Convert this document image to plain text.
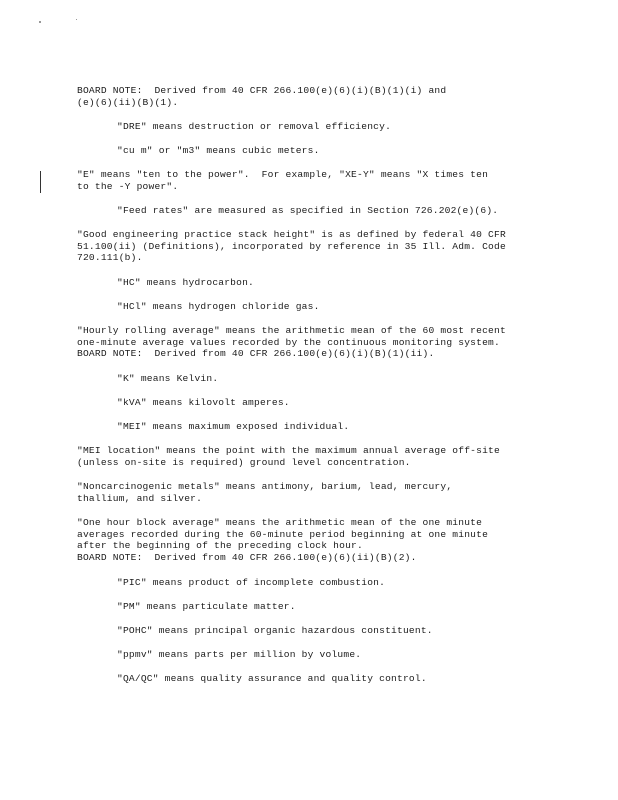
BOARD NOTE:  Derived from 40 CFR 266.100(e)(6)(i)(B)(1)(i) and
(e)(6)(ii)(B)(1).
"DRE" means destruction or removal efficiency.
"cu m" or "m3" means cubic meters.
"E" means "ten to the power".  For example, "XE-Y" means "X times ten
to the -Y power".
"Feed rates" are measured as specified in Section 726.202(e)(6).
"Good engineering practice stack height" is as defined by federal 40 CFR
51.100(ii) (Definitions), incorporated by reference in 35 Ill. Adm. Code
720.111(b).
"HC" means hydrocarbon.
"HCl" means hydrogen chloride gas.
"Hourly rolling average" means the arithmetic mean of the 60 most recent
one-minute average values recorded by the continuous monitoring system.
BOARD NOTE:  Derived from 40 CFR 266.100(e)(6)(i)(B)(1)(ii).
"K" means Kelvin.
"kVA" means kilovolt amperes.
"MEI" means maximum exposed individual.
"MEI location" means the point with the maximum annual average off-site
(unless on-site is required) ground level concentration.
"Noncarcinogenic metals" means antimony, barium, lead, mercury,
thallium, and silver.
"One hour block average" means the arithmetic mean of the one minute
averages recorded during the 60-minute period beginning at one minute
after the beginning of the preceding clock hour.
BOARD NOTE:  Derived from 40 CFR 266.100(e)(6)(ii)(B)(2).
"PIC" means product of incomplete combustion.
"PM" means particulate matter.
"POHC" means principal organic hazardous constituent.
"ppmv" means parts per million by volume.
"QA/QC" means quality assurance and quality control.
